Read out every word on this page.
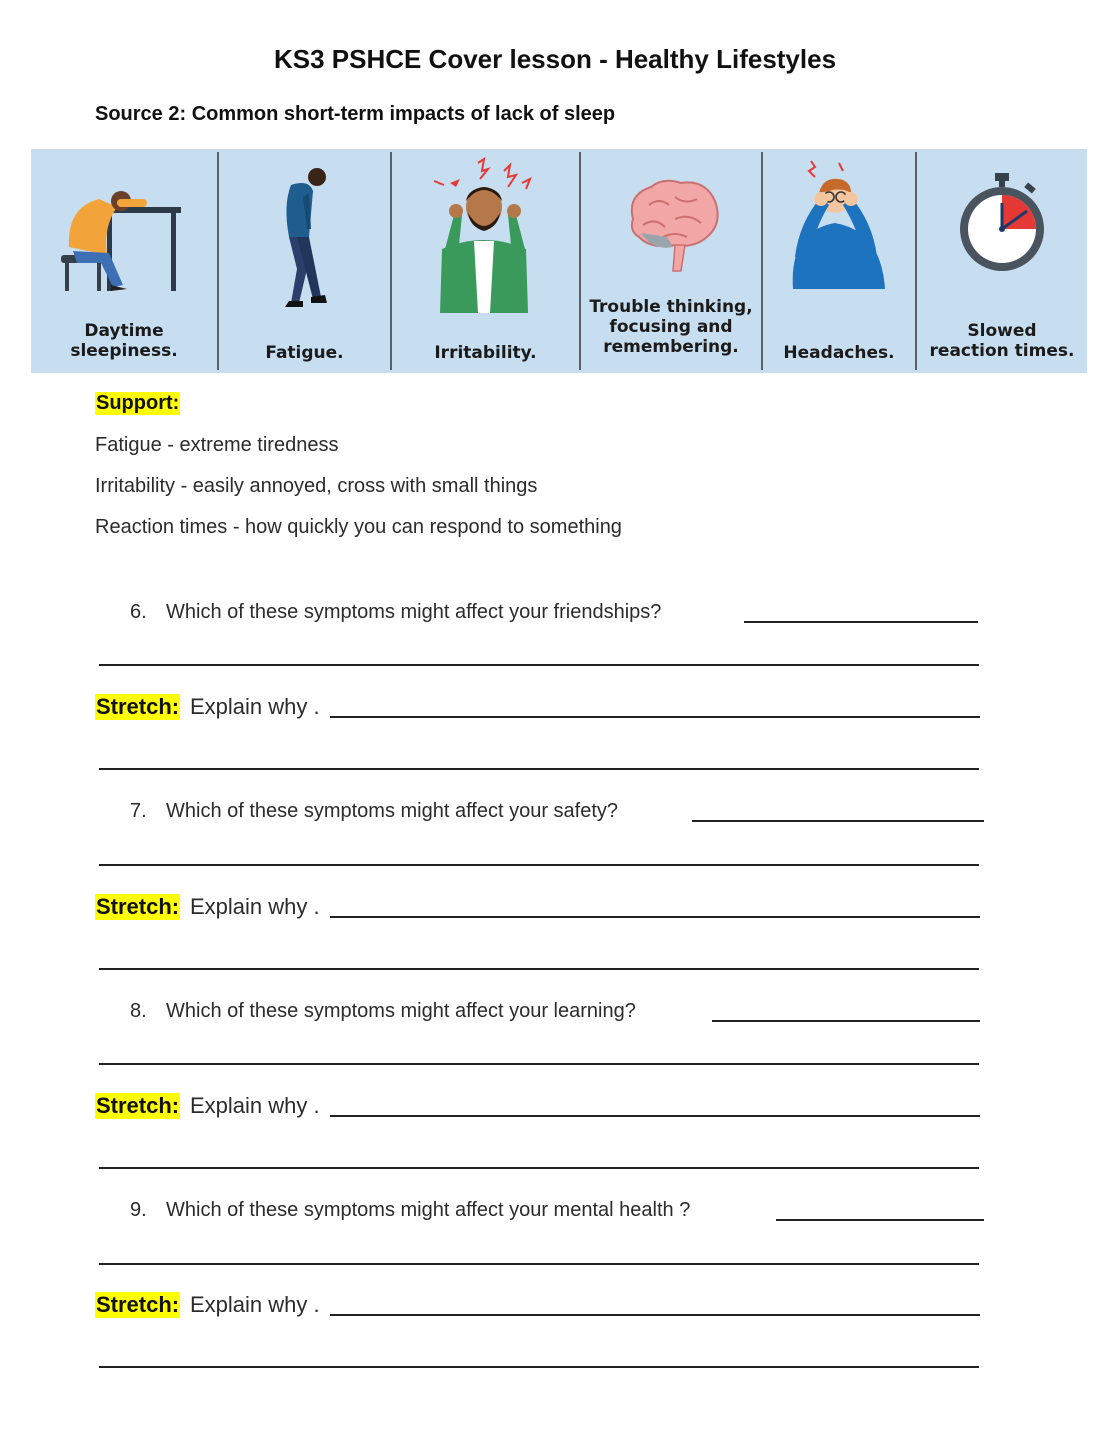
KS3 PSHCE Cover lesson - Healthy Lifestyles
Source 2: Common short-term impacts of lack of sleep
Daytime
sleepiness.	Fatigue.	Irritability.
Trouble thinking,
focusing and
remembering.	Headaches.
Slowed
reaction times.
Support:
Fatigue - extreme tiredness
Irritability - easily annoyed, cross with small things
Reaction times - how quickly you can respond to something
6. Which of these symptoms might affect your friendships?
Stretch: Explain why .
7. Which of these symptoms might affect your safety?
Stretch: Explain why .
8. Which of these symptoms might affect your learning?
Stretch: Explain why .
9. Which of these symptoms might affect your mental health ?
Stretch: Explain why .
